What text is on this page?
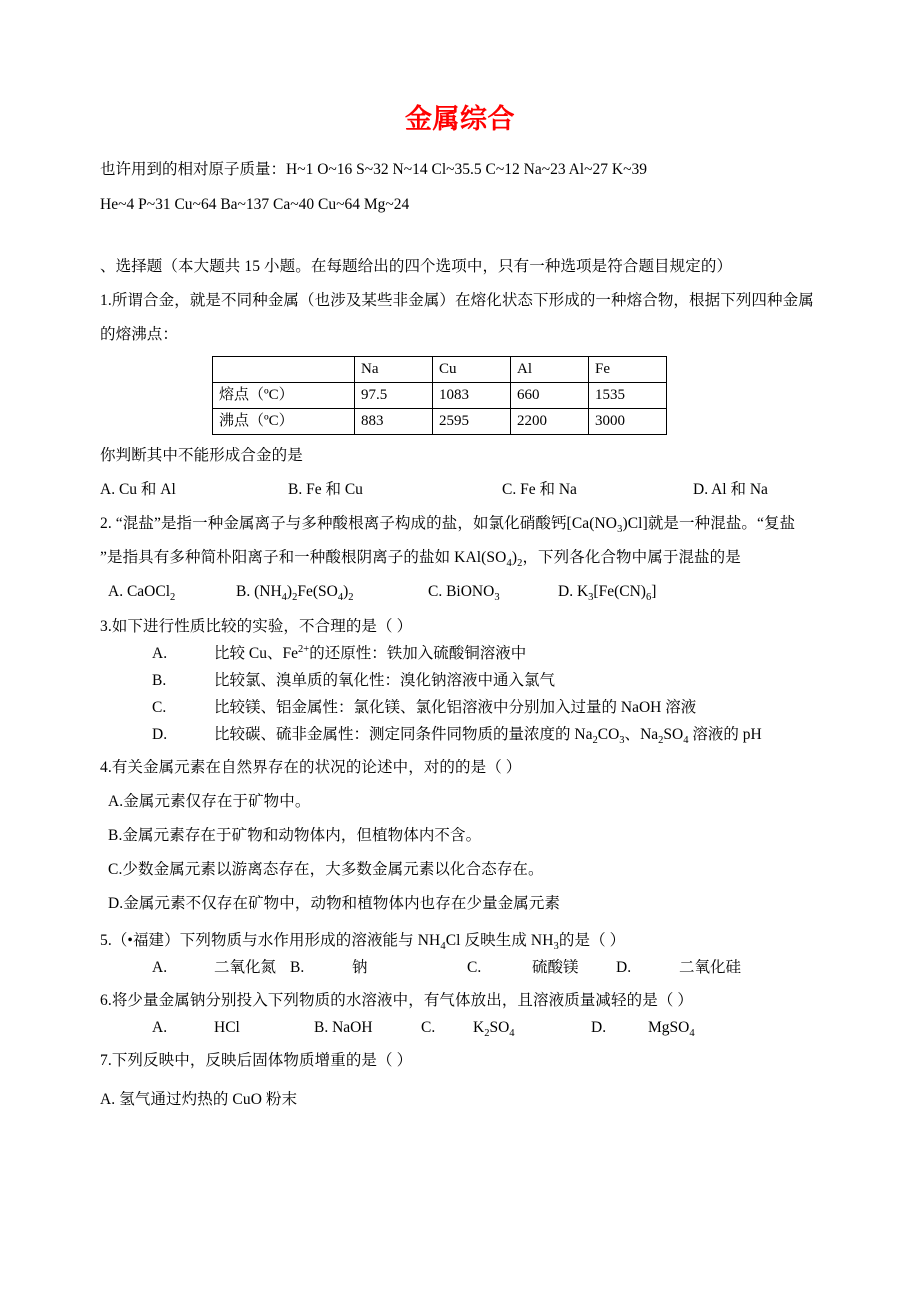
金属综合
也许用到的相对原子质量：H~1 O~16 S~32 N~14 Cl~35.5 C~12 Na~23 Al~27 K~39
He~4 P~31 Cu~64 Ba~137 Ca~40 Cu~64 Mg~24
、选择题（本大题共 15 小题。在每题给出的四个选项中，只有一种选项是符合题目规定的）
1.所谓合金，就是不同种金属（也涉及某些非金属）在熔化状态下形成的一种熔合物，根据下列四种金属的熔沸点：
	Na	Cu	Al	Fe
熔点（ºC）	97.5	1083	660	1535
沸点（ºC）	883	2595	2200	3000
你判断其中不能形成合金的是
A. Cu 和 Al	B. Fe 和 Cu	C. Fe 和 Na	D. Al 和 Na
2. “混盐”是指一种金属离子与多种酸根离子构成的盐，如氯化硝酸钙$[Ca(NO_3)Cl]$就是一种混盐。“复盐 ”是指具有多种简朴阳离子和一种酸根阴离子的盐如 $KAl(SO_4)_2$，下列各化合物中属于混盐的是
A. CaOCl$_2$	B. $(NH_4)_2Fe(SO_4)_2$	C. BiONO$_3$	D. $K_3[Fe(CN)_6]$
3.如下进行性质比较的实验，不合理的是（ ）
A.	比较 Cu、$Fe^{2+}$的还原性：铁加入硫酸铜溶液中
B.	比较氯、溴单质的氧化性：溴化钠溶液中通入氯气
C.	比较镁、铝金属性：氯化镁、氯化铝溶液中分别加入过量的 NaOH 溶液
D.	比较碳、硫非金属性：测定同条件同物质的量浓度的 $Na_2CO_3$、$Na_2SO_4$ 溶液的 pH
4.有关金属元素在自然界存在的状况的论述中，对的的是（ ）
A.金属元素仅存在于矿物中。
B.金属元素存在于矿物和动物体内，但植物体内不含。
C.少数金属元素以游离态存在，大多数金属元素以化合态存在。
D.金属元素不仅存在矿物中，动物和植物体内也存在少量金属元素
5.（•福建）下列物质与水作用形成的溶液能与 $NH_4Cl$ 反映生成 $NH_3$的是（ ）
A.	二氧化氮 B.	钠	C.	硫酸镁	D.	二氧化硅
6.将少量金属钠分别投入下列物质的水溶液中，有气体放出，且溶液质量减轻的是（ ）
A.	HCl	B. NaOH	C.	$K_2SO_4$	D.	MgSO$_4$
7.下列反映中，反映后固体物质增重的是（ ）
A. 氢气通过灼热的 CuO 粉末
